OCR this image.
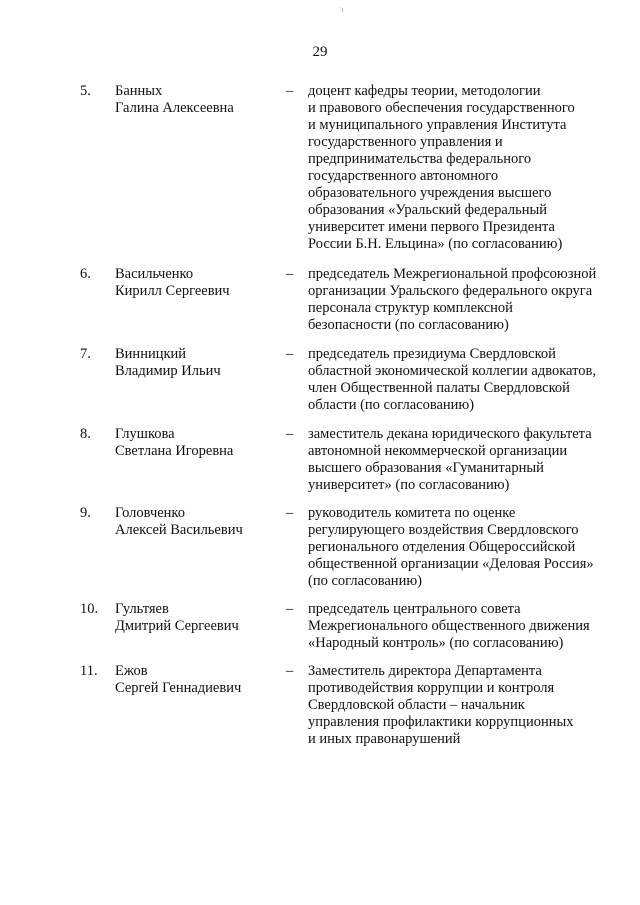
˙ı
29
5. Банных
Галина Алексеевна
– доцент кафедры теории, методологии
и правового обеспечения государственного
и муниципального управления Института
государственного управления и
предпринимательства федерального
государственного автономного
образовательного учреждения высшего
образования «Уральский федеральный
университет имени первого Президента
России Б.Н. Ельцина» (по согласованию)
6. Васильченко
Кирилл Сергеевич
– председатель Межрегиональной профсоюзной
организации Уральского федерального округа
персонала структур комплексной
безопасности (по согласованию)
7. Винницкий
Владимир Ильич
– председатель президиума Свердловской
областной экономической коллегии адвокатов,
член Общественной палаты Свердловской
области (по согласованию)
8. Глушкова
Светлана Игоревна
– заместитель декана юридического факультета
автономной некоммерческой организации
высшего образования «Гуманитарный
университет» (по согласованию)
9. Головченко
Алексей Васильевич
– руководитель комитета по оценке
регулирующего воздействия Свердловского
регионального отделения Общероссийской
общественной организации «Деловая Россия»
(по согласованию)
10. Гультяев
Дмитрий Сергеевич
– председатель центрального совета
Межрегионального общественного движения
«Народный контроль» (по согласованию)
11. Ежов
Сергей Геннадиевич
– Заместитель директора Департамента
противодействия коррупции и контроля
Свердловской области – начальник
управления профилактики коррупционных
и иных правонарушений
